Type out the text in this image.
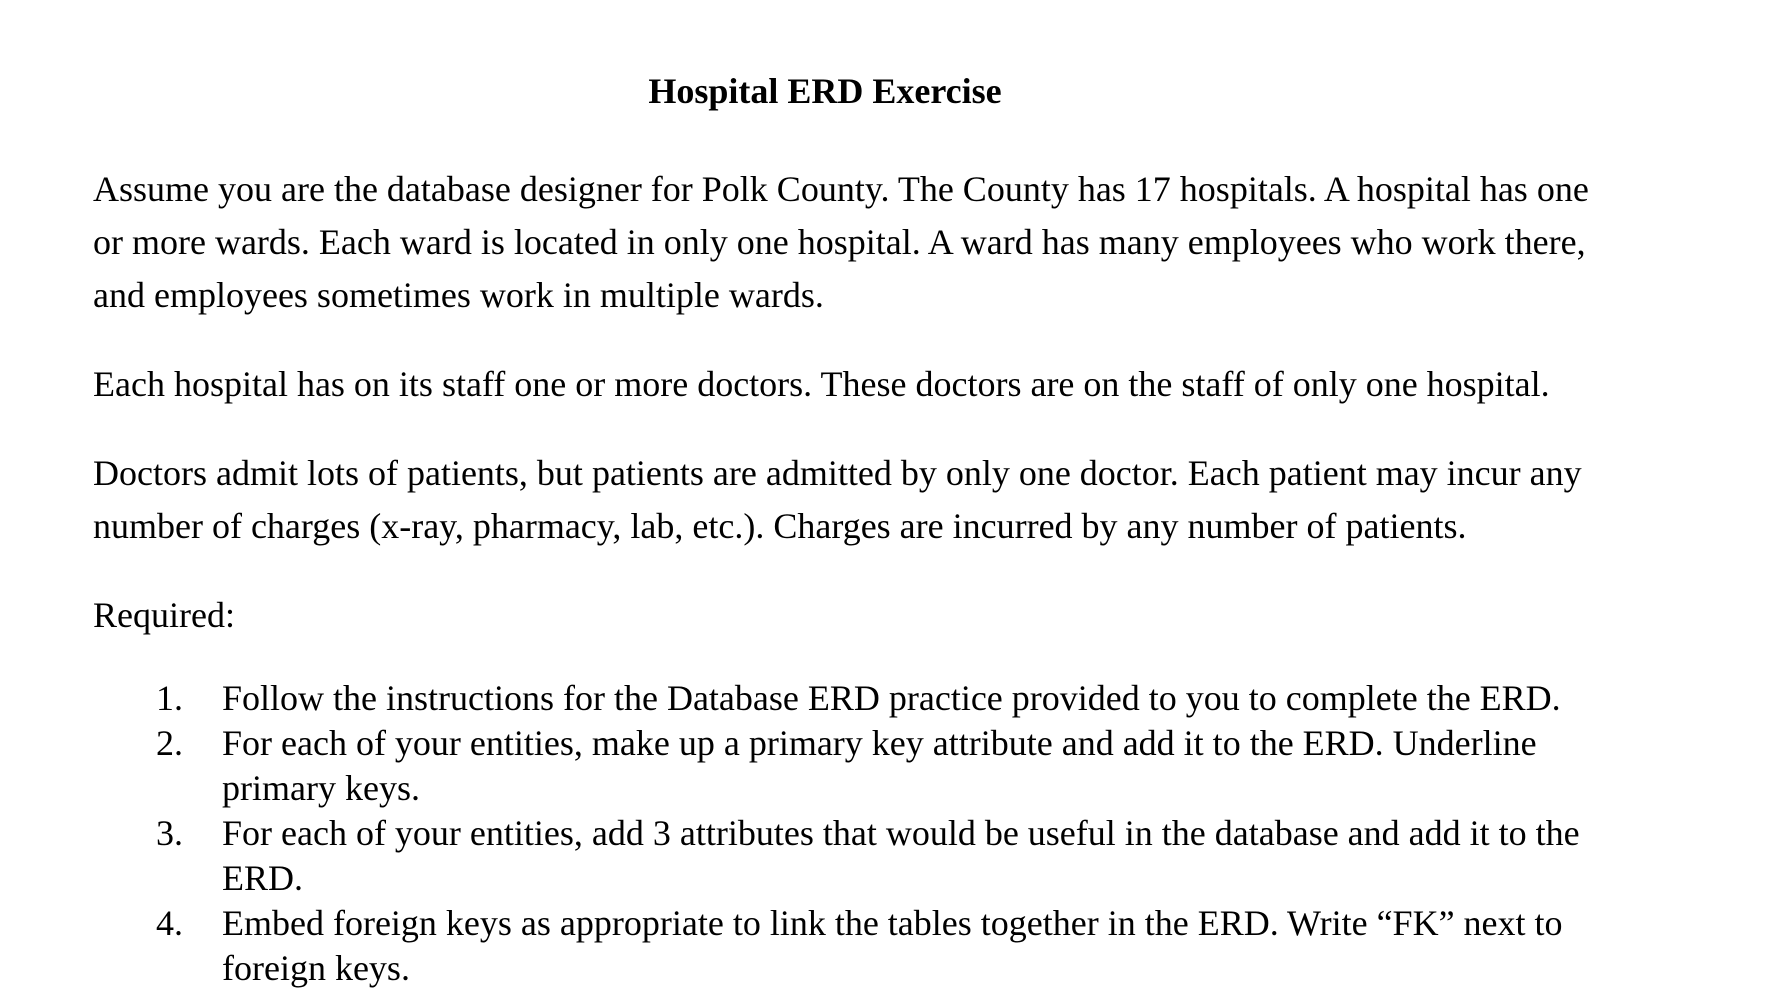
Hospital ERD Exercise

Assume you are the database designer for Polk County. The County has 17 hospitals. A hospital has one
or more wards. Each ward is located in only one hospital. A ward has many employees who work there,
and employees sometimes work in multiple wards.

Each hospital has on its staff one or more doctors. These doctors are on the staff of only one hospital.

Doctors admit lots of patients, but patients are admitted by only one doctor. Each patient may incur any
number of charges (x-ray, pharmacy, lab, etc.). Charges are incurred by any number of patients.

Required:

1. Follow the instructions for the Database ERD practice provided to you to complete the ERD.
2. For each of your entities, make up a primary key attribute and add it to the ERD. Underline
primary keys.
3. For each of your entities, add 3 attributes that would be useful in the database and add it to the
ERD.
4. Embed foreign keys as appropriate to link the tables together in the ERD. Write “FK” next to
foreign keys.
